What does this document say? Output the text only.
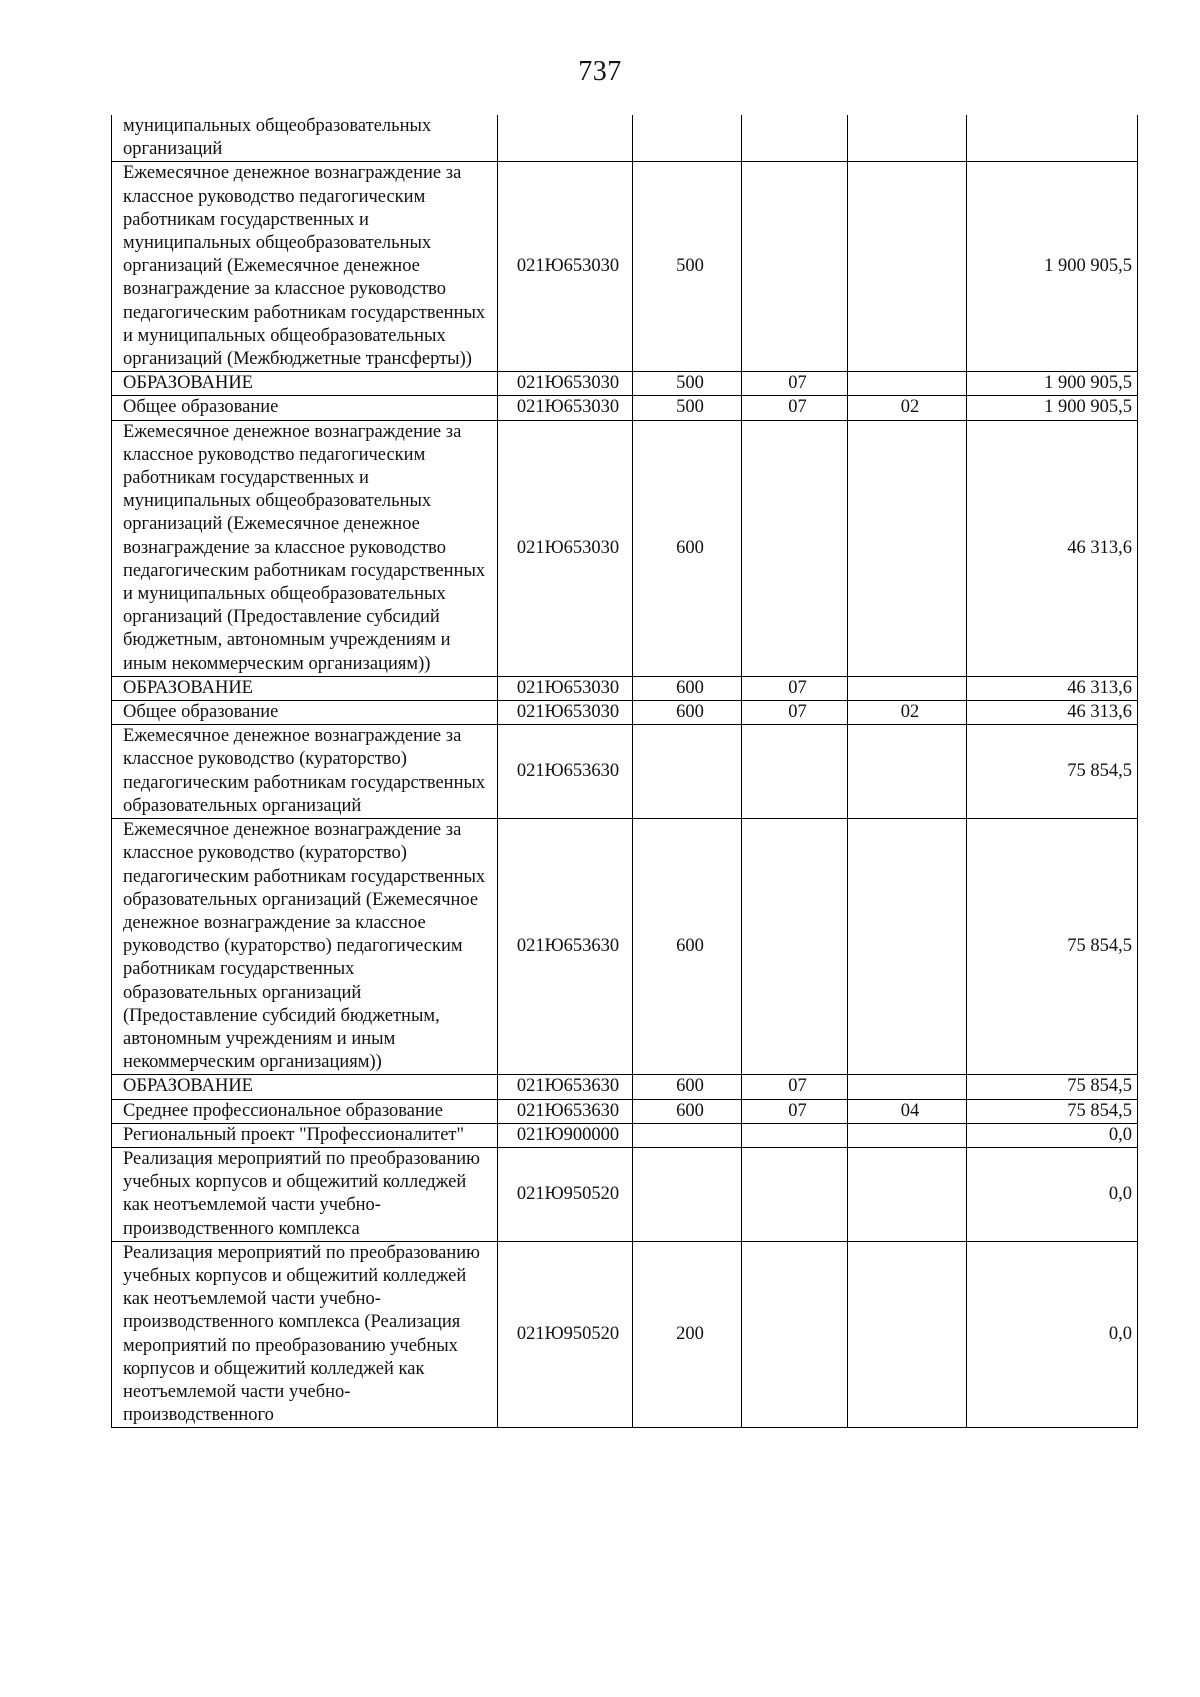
737
муниципальных общеобразовательных организаций					
Ежемесячное денежное вознаграждение за классное руководство педагогическим работникам государственных и муниципальных общеобразовательных организаций (Ежемесячное денежное вознаграждение за классное руководство педагогическим работникам государственных и муниципальных общеобразовательных организаций (Межбюджетные трансферты))	021Ю653030	500			1 900 905,5
ОБРАЗОВАНИЕ	021Ю653030	500	07		1 900 905,5
Общее образование	021Ю653030	500	07	02	1 900 905,5
Ежемесячное денежное вознаграждение за классное руководство педагогическим работникам государственных и муниципальных общеобразовательных организаций (Ежемесячное денежное вознаграждение за классное руководство педагогическим работникам государственных и муниципальных общеобразовательных организаций (Предоставление субсидий бюджетным, автономным учреждениям и иным некоммерческим организациям))	021Ю653030	600			46 313,6
ОБРАЗОВАНИЕ	021Ю653030	600	07		46 313,6
Общее образование	021Ю653030	600	07	02	46 313,6
Ежемесячное денежное вознаграждение за классное руководство (кураторство) педагогическим работникам государственных образовательных организаций	021Ю653630				75 854,5
Ежемесячное денежное вознаграждение за классное руководство (кураторство) педагогическим работникам государственных образовательных организаций (Ежемесячное денежное вознаграждение за классное руководство (кураторство) педагогическим работникам государственных образовательных организаций (Предоставление субсидий бюджетным, автономным учреждениям и иным некоммерческим организациям))	021Ю653630	600			75 854,5
ОБРАЗОВАНИЕ	021Ю653630	600	07		75 854,5
Среднее профессиональное образование	021Ю653630	600	07	04	75 854,5
Региональный проект "Профессионалитет"	021Ю900000				0,0
Реализация мероприятий по преобразованию учебных корпусов и общежитий колледжей как неотъемлемой части учебно-производственного комплекса	021Ю950520				0,0
Реализация мероприятий по преобразованию учебных корпусов и общежитий колледжей как неотъемлемой части учебно-производственного комплекса (Реализация мероприятий по преобразованию учебных корпусов и общежитий колледжей как неотъемлемой части учебно-производственного	021Ю950520	200			0,0
